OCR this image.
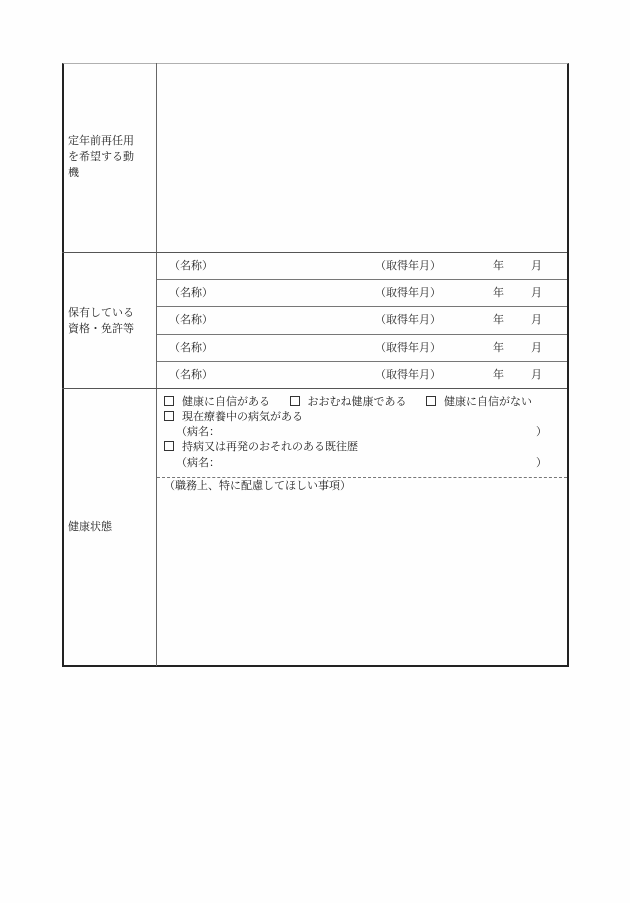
定年前再任用
を希望する動
機
保有している
資格・免許等
（名称）	（取得年月）	年 月
（名称）	（取得年月）	年 月
（名称）	（取得年月）	年 月
（名称）	（取得年月）	年 月
（名称）	（取得年月）	年 月
健康状態
健康に自信がある	おおむね健康である	健康に自信がない
現在療養中の病気がある
（病名：	）
持病又は再発のおそれのある既往歴
（病名：	）
（職務上、特に配慮してほしい事項）
